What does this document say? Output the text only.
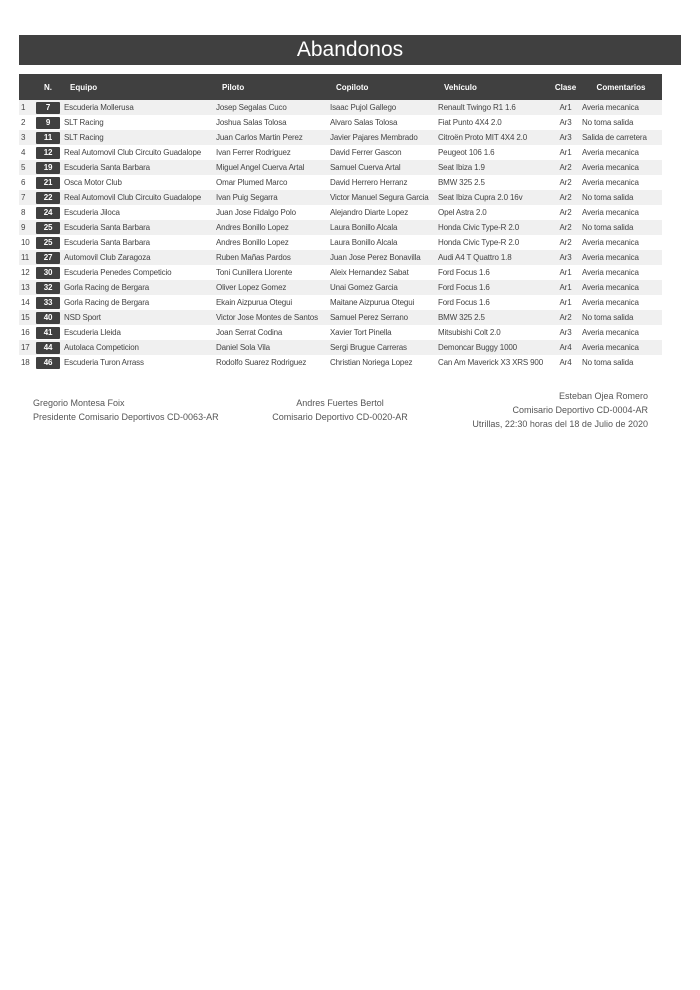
Abandonos
	N.	Equipo	Piloto	Copiloto	Vehículo	Clase	Comentarios
1	7	Escuderia Mollerusa	Josep Segalas Cuco	Isaac Pujol Gallego	Renault Twingo R1 1.6	Ar1	Averia mecanica
2	9	SLT Racing	Joshua Salas Tolosa	Alvaro Salas Tolosa	Fiat Punto 4X4 2.0	Ar3	No toma salida
3	11	SLT Racing	Juan Carlos Martin Perez	Javier Pajares Membrado	Citroën Proto MIT 4X4 2.0	Ar3	Salida de carretera
4	12	Real Automovil Club Circuito Guadalope	Ivan Ferrer Rodriguez	David Ferrer Gascon	Peugeot 106 1.6	Ar1	Averia mecanica
5	19	Escuderia Santa Barbara	Miguel Angel Cuerva Artal	Samuel Cuerva Artal	Seat Ibiza 1.9	Ar2	Averia mecanica
6	21	Osca Motor Club	Omar Plumed Marco	David Herrero Herranz	BMW 325 2.5	Ar2	Averia mecanica
7	22	Real Automovil Club Circuito Guadalope	Ivan Puig Segarra	Victor Manuel Segura Garcia	Seat Ibiza Cupra 2.0 16v	Ar2	No toma salida
8	24	Escuderia Jiloca	Juan Jose Fidalgo Polo	Alejandro Diarte Lopez	Opel Astra 2.0	Ar2	Averia mecanica
9	25	Escuderia Santa Barbara	Andres Bonillo Lopez	Laura Bonillo Alcala	Honda Civic Type-R 2.0	Ar2	No toma salida
10	25	Escuderia Santa Barbara	Andres Bonillo Lopez	Laura Bonillo Alcala	Honda Civic Type-R 2.0	Ar2	Averia mecanica
11	27	Automovil Club Zaragoza	Ruben Mañas Pardos	Juan Jose Perez Bonavilla	Audi A4 T Quattro 1.8	Ar3	Averia mecanica
12	30	Escuderia Penedes Competicio	Toni Cunillera Llorente	Aleix Hernandez Sabat	Ford Focus 1.6	Ar1	Averia mecanica
13	32	Gorla Racing de Bergara	Oliver Lopez Gomez	Unai Gomez Garcia	Ford Focus 1.6	Ar1	Averia mecanica
14	33	Gorla Racing de Bergara	Ekain Aizpurua Otegui	Maitane Aizpurua Otegui	Ford Focus 1.6	Ar1	Averia mecanica
15	40	NSD Sport	Victor Jose Montes de Santos	Samuel Perez Serrano	BMW 325 2.5	Ar2	No toma salida
16	41	Escuderia Lleida	Joan Serrat Codina	Xavier Tort Pinella	Mitsubishi Colt 2.0	Ar3	Averia mecanica
17	44	Autolaca Competicion	Daniel Sola Vila	Sergi Brugue Carreras	Demoncar Buggy 1000	Ar4	Averia mecanica
18	46	Escuderia Turon Arrass	Rodolfo Suarez Rodriguez	Christian Noriega Lopez	Can Am Maverick X3 XRS 900	Ar4	No toma salida
Gregorio Montesa Foix
Presidente Comisario Deportivos CD-0063-AR
Andres Fuertes Bertol
Comisario Deportivo CD-0020-AR
Esteban Ojea Romero
Comisario Deportivo CD-0004-AR
Utrillas, 22:30 horas del 18 de Julio de 2020
